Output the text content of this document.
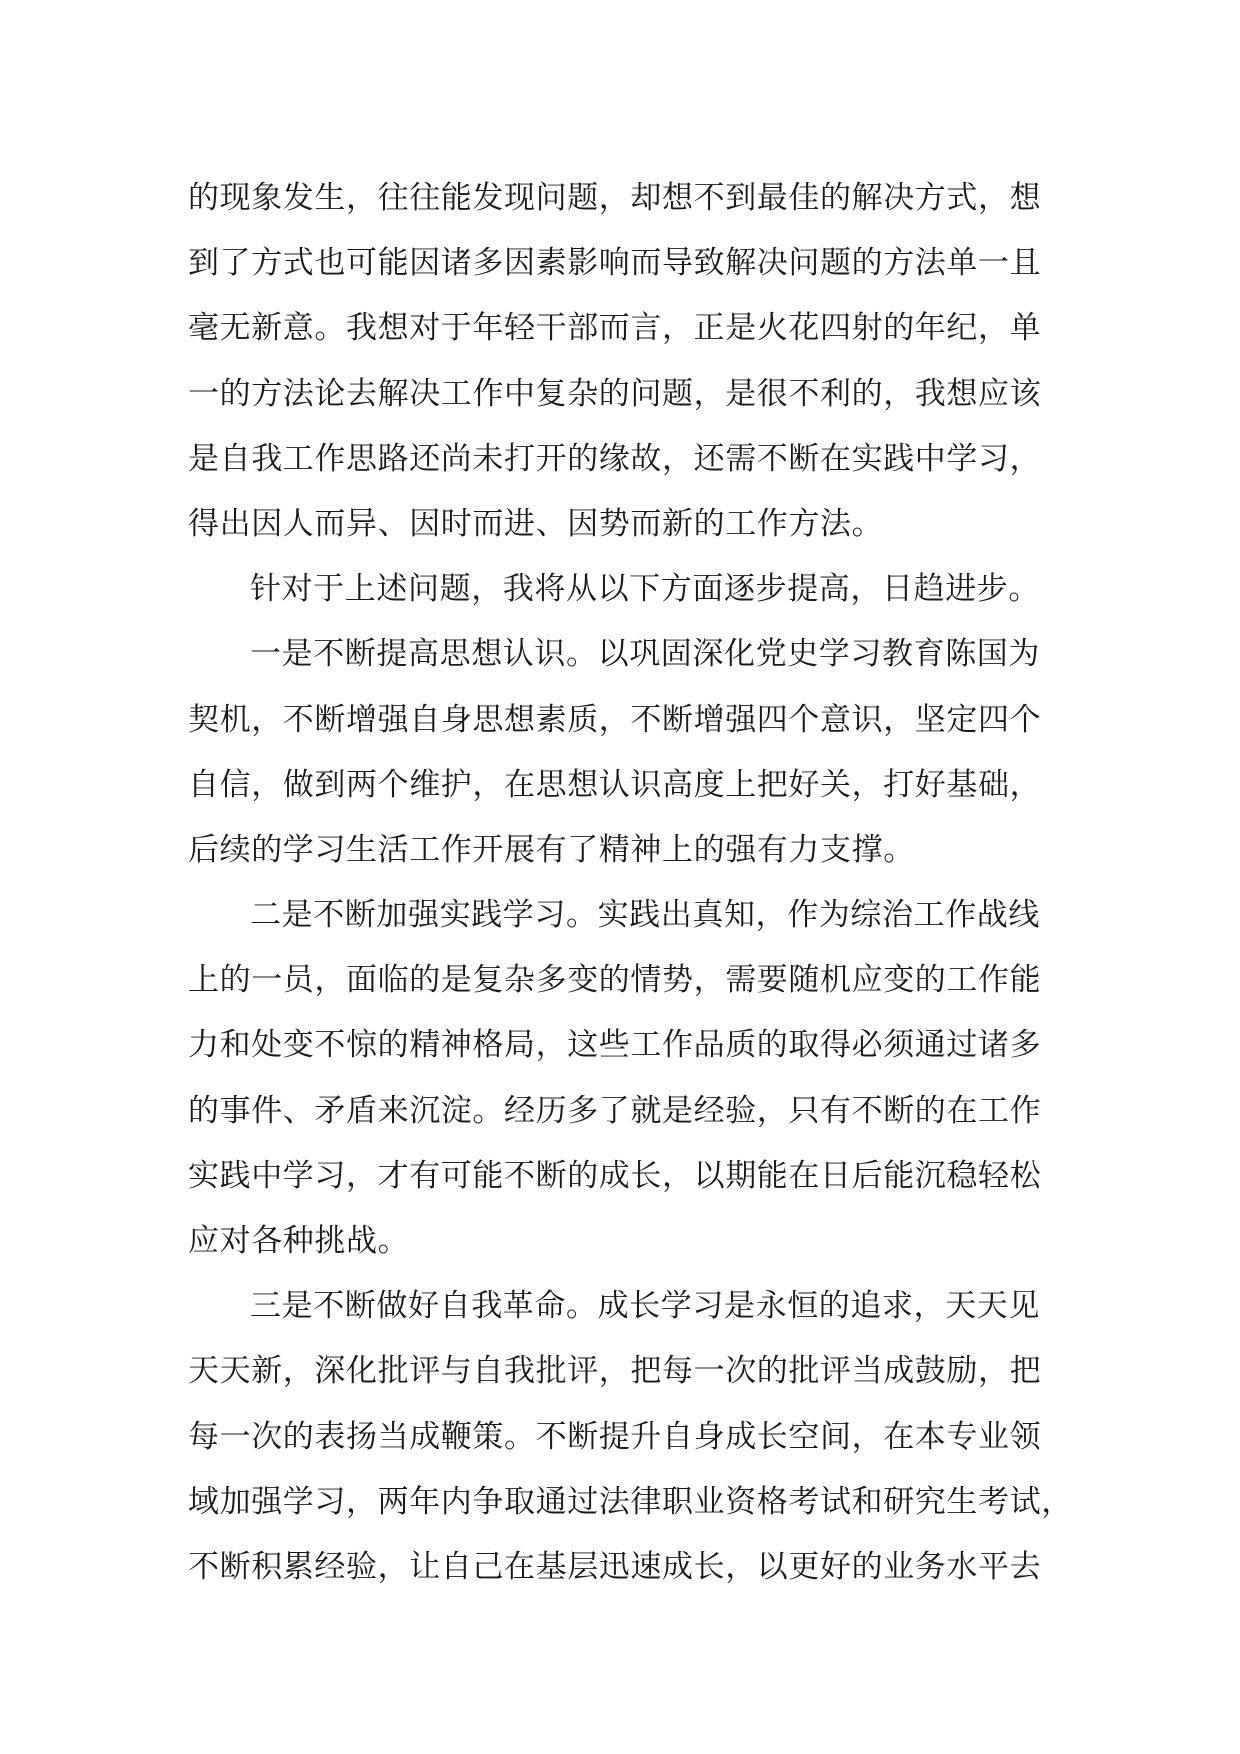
的现象发生，往往能发现问题，却想不到最佳的解决方式，想
到了方式也可能因诸多因素影响而导致解决问题的方法单一且
毫无新意。我想对于年轻干部而言，正是火花四射的年纪，单
一的方法论去解决工作中复杂的问题，是很不利的，我想应该
是自我工作思路还尚未打开的缘故，还需不断在实践中学习，
得出因人而异、因时而进、因势而新的工作方法。
针对于上述问题，我将从以下方面逐步提高，日趋进步。
一是不断提高思想认识。以巩固深化党史学习教育陈国为
契机，不断增强自身思想素质，不断增强四个意识，坚定四个
自信，做到两个维护，在思想认识高度上把好关，打好基础，
后续的学习生活工作开展有了精神上的强有力支撑。
二是不断加强实践学习。实践出真知，作为综治工作战线
上的一员，面临的是复杂多变的情势，需要随机应变的工作能
力和处变不惊的精神格局，这些工作品质的取得必须通过诸多
的事件、矛盾来沉淀。经历多了就是经验，只有不断的在工作
实践中学习，才有可能不断的成长，以期能在日后能沉稳轻松
应对各种挑战。
三是不断做好自我革命。成长学习是永恒的追求，天天见
天天新，深化批评与自我批评，把每一次的批评当成鼓励，把
每一次的表扬当成鞭策。不断提升自身成长空间，在本专业领
域加强学习，两年内争取通过法律职业资格考试和研究生考试，
不断积累经验，让自己在基层迅速成长，以更好的业务水平去
